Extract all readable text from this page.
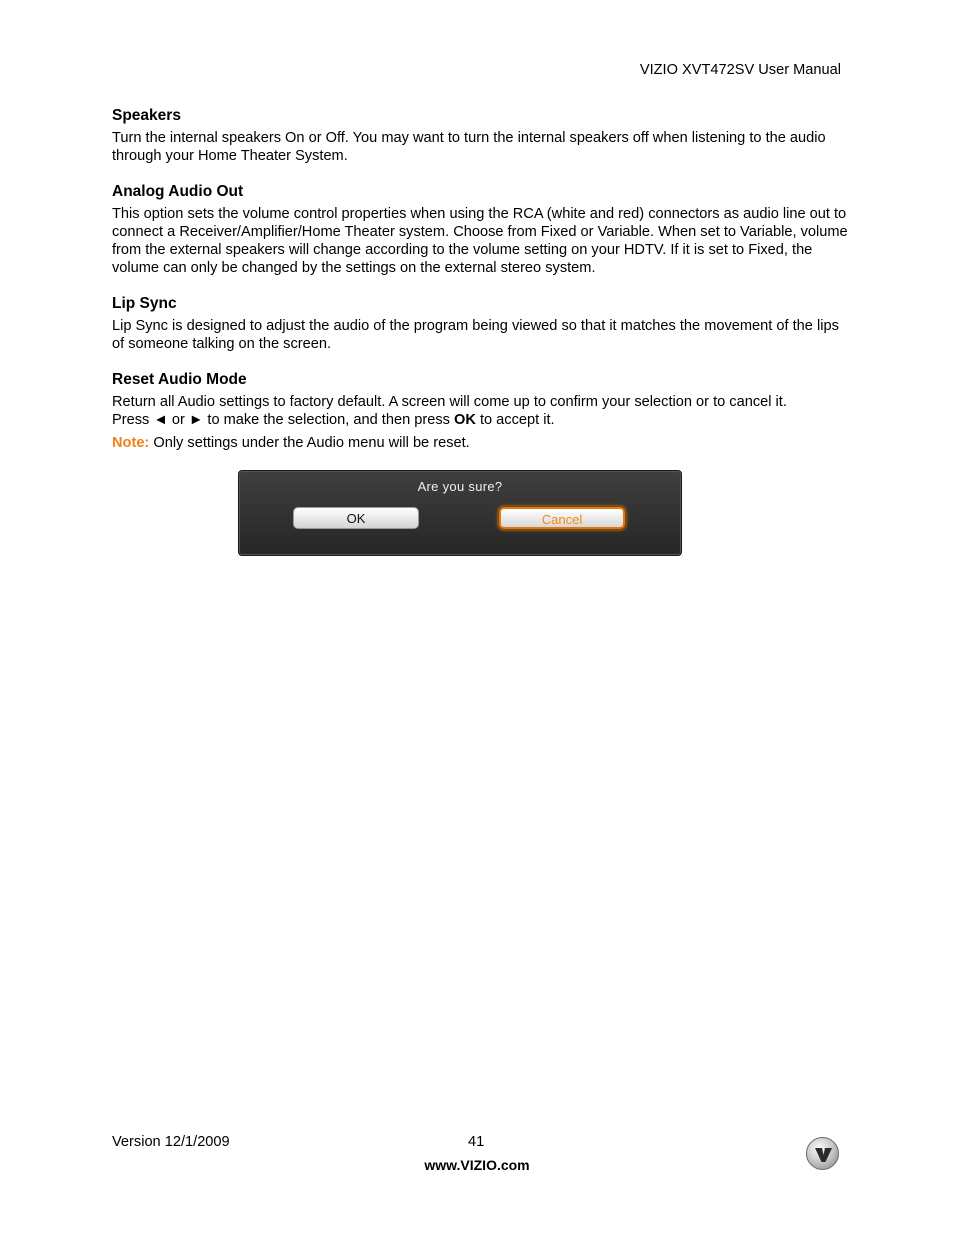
VIZIO XVT472SV User Manual
Speakers

Turn the internal speakers On or Off. You may want to turn the internal speakers off when listening to the audio through your Home Theater System.

Analog Audio Out

This option sets the volume control properties when using the RCA (white and red) connectors as audio line out to connect a Receiver/Amplifier/Home Theater system. Choose from Fixed or Variable. When set to Variable, volume from the external speakers will change according to the volume setting on your HDTV. If it is set to Fixed, the volume can only be changed by the settings on the external stereo system.

Lip Sync

Lip Sync is designed to adjust the audio of the program being viewed so that it matches the movement of the lips of someone talking on the screen.

Reset Audio Mode

Return all Audio settings to factory default. A screen will come up to confirm your selection or to cancel it.

Press ◄ or ► to make the selection, and then press OK to accept it.

Note: Only settings under the Audio menu will be reset.

Are you sure?
OK	Cancel
Version 12/1/2009	41
www.VIZIO.com
